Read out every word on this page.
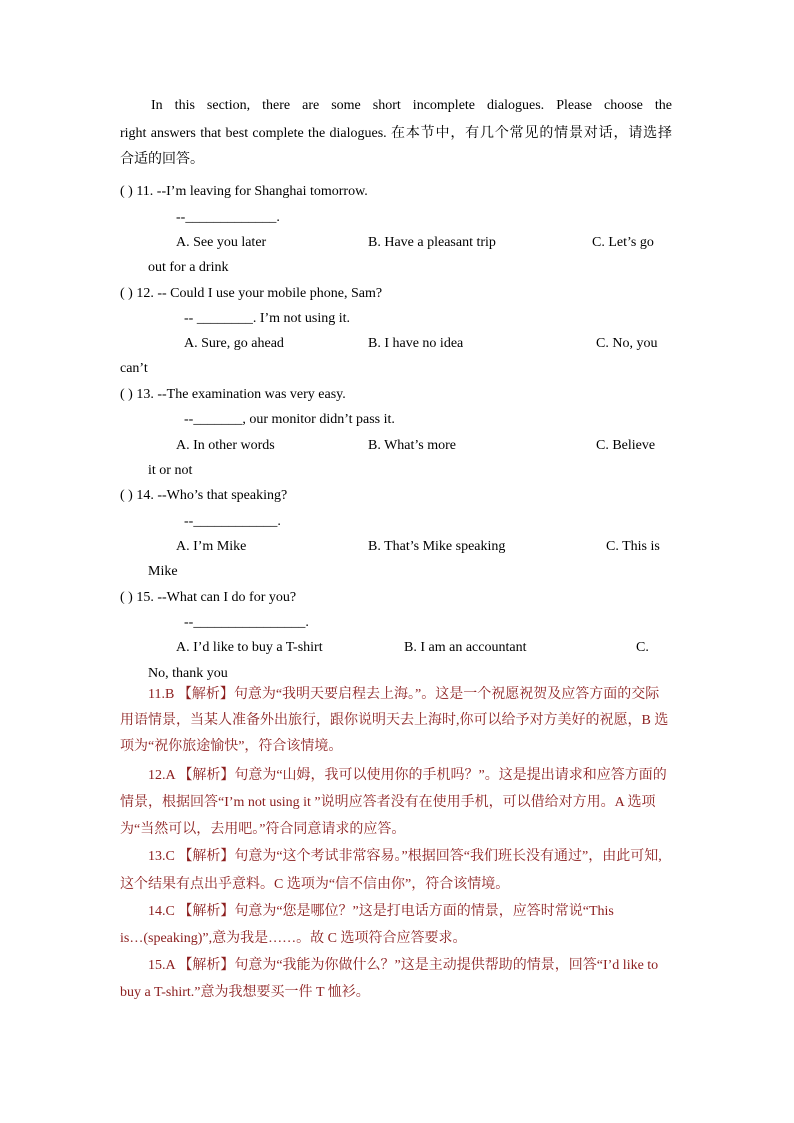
In this section, there are some short incomplete dialogues. Please choose the
right answers that best complete the dialogues. 在本节中，有几个常见的情景对话，请选择
合适的回答。
( ) 11. --I’m leaving for Shanghai tomorrow.
--_____________.
A. See you later	B. Have a pleasant trip	C. Let’s go
out for a drink
( ) 12. -- Could I use your mobile phone, Sam?
-- ________. I’m not using it.
A. Sure, go ahead	B. I have no idea	C. No, you
can’t
( ) 13. --The examination was very easy.
--_______, our monitor didn’t pass it.
A. In other words	B. What’s more	C. Believe
it or not
( ) 14. --Who’s that speaking?
--____________.
A. I’m Mike	B. That’s Mike speaking	C. This is
Mike
( ) 15. --What can I do for you?
--________________.
A. I’d like to buy a T-shirt	B. I am an accountant	C.
No, thank you
11.B 【解析】句意为“我明天要启程去上海。”。这是一个祝愿祝贺及应答方面的交际
用语情景，当某人准备外出旅行，跟你说明天去上海时,你可以给予对方美好的祝愿，B 选
项为“祝你旅途愉快”，符合该情境。
12.A 【解析】句意为“山姆，我可以使用你的手机吗？”。这是提出请求和应答方面的
情景，根据回答“I’m not using it ”说明应答者没有在使用手机，可以借给对方用。A 选项
为“当然可以，去用吧。”符合同意请求的应答。
13.C 【解析】句意为“这个考试非常容易。”根据回答“我们班长没有通过”，由此可知,
这个结果有点出乎意料。C 选项为“信不信由你”，符合该情境。
14.C 【解析】句意为“您是哪位？”这是打电话方面的情景，应答时常说“This
is…(speaking)”,意为我是……。故 C 选项符合应答要求。
15.A 【解析】句意为“我能为你做什么？”这是主动提供帮助的情景，回答“I’d like to
buy a T-shirt.”意为我想要买一件 T 恤衫。
